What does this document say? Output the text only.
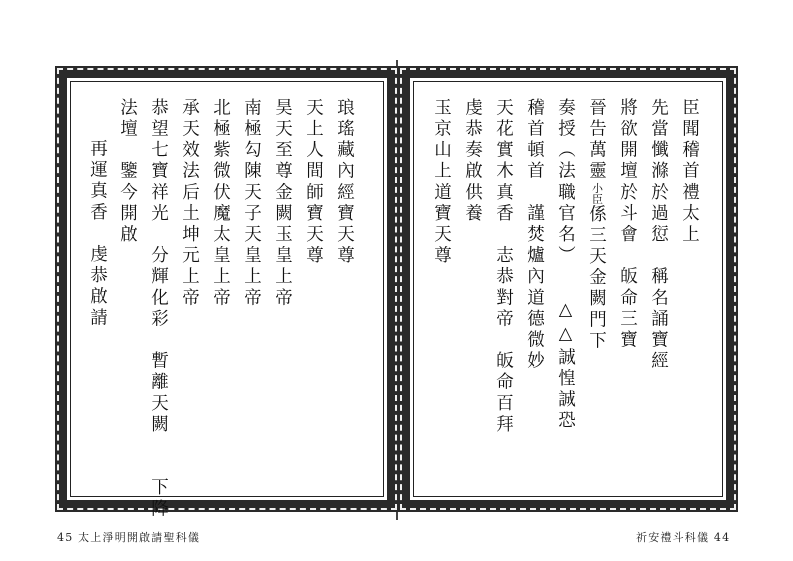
琅瑤藏內經寶天尊
天上人間師寶天尊
昊天至尊金闕玉皇上帝
南極勾陳天子天皇上帝
北極紫微伏魔太皇上帝
承天效法后土坤元上帝
恭望七寶祥光　分輝化彩　暫離天闕　　下降
法壇　鑒今開啟
　再運真香　虔恭啟請
45 太上淨明開啟請聖科儀
臣聞稽首禮太上
先當懺滌於過愆　稱名誦寶經
將欲開壇於斗會　皈命三寶
晉告萬靈小臣係三天金闕門下
奏授（法職官名）　　△△誠惶誠恐
稽首頓首　謹焚爐內道德微妙
天花實木真香　志恭對帝　皈命百拜
虔恭奏啟供養
玉京山上道寶天尊
祈安禮斗科儀 44
